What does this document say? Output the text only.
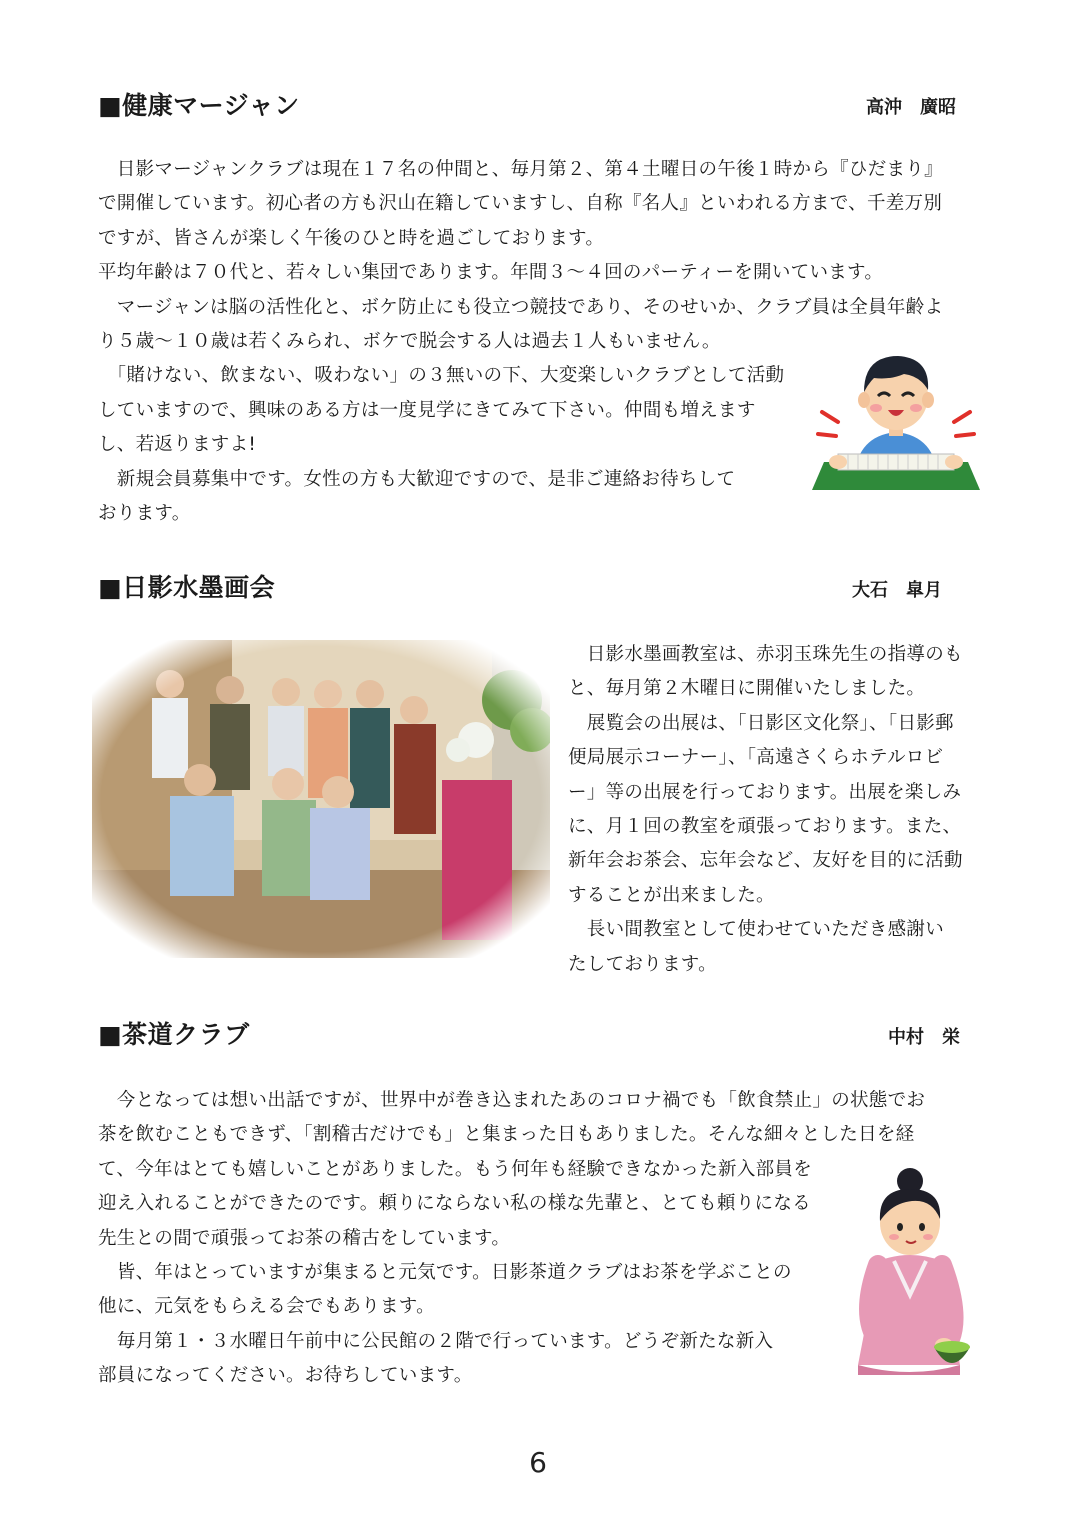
■健康マージャン	高沖　廣昭
　日影マージャンクラブは現在１７名の仲間と、毎月第２、第４土曜日の午後１時から『ひだまり』
で開催しています。初心者の方も沢山在籍していますし、自称『名人』といわれる方まで、千差万別
ですが、皆さんが楽しく午後のひと時を過ごしております。
平均年齢は７０代と、若々しい集団であります。年間３～４回のパーティーを開いています。
　マージャンは脳の活性化と、ボケ防止にも役立つ競技であり、そのせいか、クラブ員は全員年齢よ
り５歳～１０歳は若くみられ、ボケで脱会する人は過去１人もいません。
　「賭けない、飲まない、吸わない」の３無いの下、大変楽しいクラブとして活動
していますので、興味のある方は一度見学にきてみて下さい。仲間も増えます
し、若返りますよ!
　新規会員募集中です。女性の方も大歓迎ですので、是非ご連絡お待ちして
おります。
■日影水墨画会	大石　皐月
　日影水墨画教室は、赤羽玉珠先生の指導のも
と、毎月第２木曜日に開催いたしました。
　展覧会の出展は、「日影区文化祭」、「日影郵
便局展示コーナー」、「高遠さくらホテルロビ
ー」等の出展を行っております。出展を楽しみ
に、月１回の教室を頑張っております。また、
新年会お茶会、忘年会など、友好を目的に活動
することが出来ました。
　長い間教室として使わせていただき感謝い
たしております。
■茶道クラブ	中村　栄
　今となっては想い出話ですが、世界中が巻き込まれたあのコロナ禍でも「飲食禁止」の状態でお
茶を飲むこともできず、「割稽古だけでも」と集まった日もありました。そんな細々とした日を経
て、今年はとても嬉しいことがありました。もう何年も経験できなかった新入部員を
迎え入れることができたのです。頼りにならない私の様な先輩と、とても頼りになる
先生との間で頑張ってお茶の稽古をしています。
　皆、年はとっていますが集まると元気です。日影茶道クラブはお茶を学ぶことの
他に、元気をもらえる会でもあります。
　毎月第１・３水曜日午前中に公民館の２階で行っています。どうぞ新たな新入
部員になってください。お待ちしています。
6
